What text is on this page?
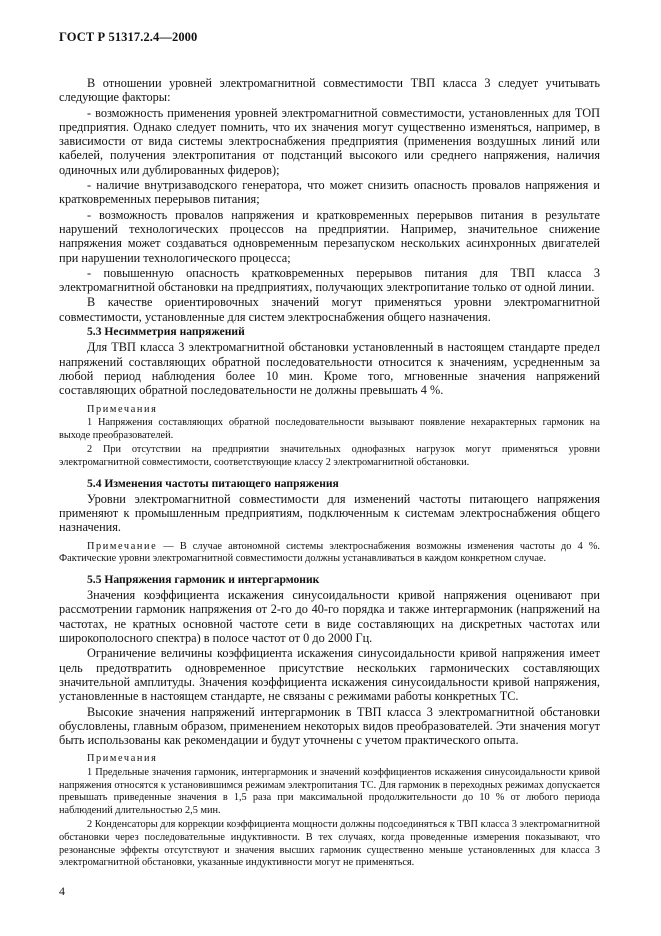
ГОСТ Р 51317.2.4—2000

В отношении уровней электромагнитной совместимости ТВП класса 3 следует учитывать следующие факторы:

- возможность применения уровней электромагнитной совместимости, установленных для ТОП предприятия. Однако следует помнить, что их значения могут существенно изменяться, например, в зависимости от вида системы электроснабжения предприятия (применения воздушных линий или кабелей, получения электропитания от подстанций высокого или среднего напряжения, наличия одиночных или дублированных фидеров);

- наличие внутризаводского генератора, что может снизить опасность провалов напряжения и кратковременных перерывов питания;

- возможность провалов напряжения и кратковременных перерывов питания в результате нарушений технологических процессов на предприятии. Например, значительное снижение напряжения может создаваться одновременным перезапуском нескольких асинхронных двигателей при нарушении технологического процесса;

- повышенную опасность кратковременных перерывов питания для ТВП класса 3 электромагнитной обстановки на предприятиях, получающих электропитание только от одной линии.

В качестве ориентировочных значений могут применяться уровни электромагнитной совместимости, установленные для систем электроснабжения общего назначения.

5.3 Несимметрия напряжений

Для ТВП класса 3 электромагнитной обстановки установленный в настоящем стандарте предел напряжений составляющих обратной последовательности относится к значениям, усредненным за любой период наблюдения более 10 мин. Кроме того, мгновенные значения напряжений составляющих обратной последовательности не должны превышать 4 %.

Примечания

1 Напряжения составляющих обратной последовательности вызывают появление нехарактерных гармоник на выходе преобразователей.

2 При отсутствии на предприятии значительных однофазных нагрузок могут применяться уровни электромагнитной совместимости, соответствующие классу 2 электромагнитной обстановки.

5.4 Изменения частоты питающего напряжения

Уровни электромагнитной совместимости для изменений частоты питающего напряжения применяют к промышленным предприятиям, подключенным к системам электроснабжения общего назначения.

Примечание — В случае автономной системы электроснабжения возможны изменения частоты до 4 %. Фактические уровни электромагнитной совместимости должны устанавливаться в каждом конкретном случае.

5.5 Напряжения гармоник и интергармоник

Значения коэффициента искажения синусоидальности кривой напряжения оценивают при рассмотрении гармоник напряжения от 2-го до 40-го порядка и также интергармоник (напряжений на частотах, не кратных основной частоте сети в виде составляющих на дискретных частотах или широкополосного спектра) в полосе частот от 0 до 2000 Гц.

Ограничение величины коэффициента искажения синусоидальности кривой напряжения имеет цель предотвратить одновременное присутствие нескольких гармонических составляющих значительной амплитуды. Значения коэффициента искажения синусоидальности кривой напряжения, установленные в настоящем стандарте, не связаны с режимами работы конкретных ТС.

Высокие значения напряжений интергармоник в ТВП класса 3 электромагнитной обстановки обусловлены, главным образом, применением некоторых видов преобразователей. Эти значения могут быть использованы как рекомендации и будут уточнены с учетом практического опыта.

Примечания

1 Предельные значения гармоник, интергармоник и значений коэффициентов искажения синусоидальности кривой напряжения относятся к установившимся режимам электропитания ТС. Для гармоник в переходных режимах допускается превышать приведенные значения в 1,5 раза при максимальной продолжительности до 10 % от любого периода наблюдений длительностью 2,5 мин.

2 Конденсаторы для коррекции коэффициента мощности должны подсоединяться к ТВП класса 3 электромагнитной обстановки через последовательные индуктивности. В тех случаях, когда проведенные измерения показывают, что резонансные эффекты отсутствуют и значения высших гармоник существенно меньше установленных для класса 3 электромагнитной обстановки, указанные индуктивности могут не применяться.

4
